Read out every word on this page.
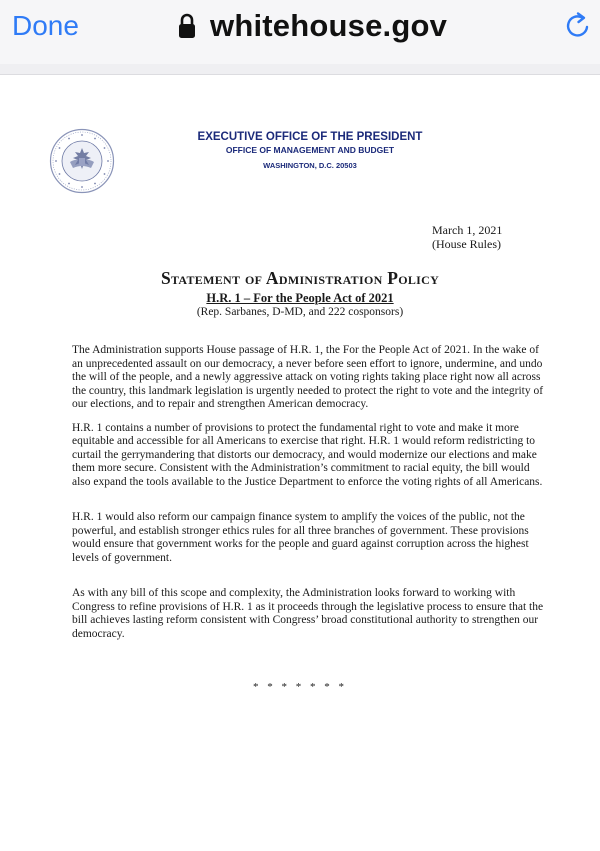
Done	whitehouse.gov
EXECUTIVE OFFICE OF THE PRESIDENT
OFFICE OF MANAGEMENT AND BUDGET
WASHINGTON, D.C. 20503
March 1, 2021
(House Rules)
Statement of Administration Policy
H.R. 1 – For the People Act of 2021
(Rep. Sarbanes, D-MD, and 222 cosponsors)

The Administration supports House passage of H.R. 1, the For the People Act of 2021. In the wake of an unprecedented assault on our democracy, a never before seen effort to ignore, undermine, and undo the will of the people, and a newly aggressive attack on voting rights taking place right now all across the country, this landmark legislation is urgently needed to protect the right to vote and the integrity of our elections, and to repair and strengthen American democracy.

H.R. 1 contains a number of provisions to protect the fundamental right to vote and make it more equitable and accessible for all Americans to exercise that right. H.R. 1 would reform redistricting to curtail the gerrymandering that distorts our democracy, and would modernize our elections and make them more secure. Consistent with the Administration’s commitment to racial equity, the bill would also expand the tools available to the Justice Department to enforce the voting rights of all Americans.

H.R. 1 would also reform our campaign finance system to amplify the voices of the public, not the powerful, and establish stronger ethics rules for all three branches of government. These provisions would ensure that government works for the people and guard against corruption across the highest levels of government.

As with any bill of this scope and complexity, the Administration looks forward to working with Congress to refine provisions of H.R. 1 as it proceeds through the legislative process to ensure that the bill achieves lasting reform consistent with Congress’ broad constitutional authority to strengthen our democracy.

* * * * * * *
